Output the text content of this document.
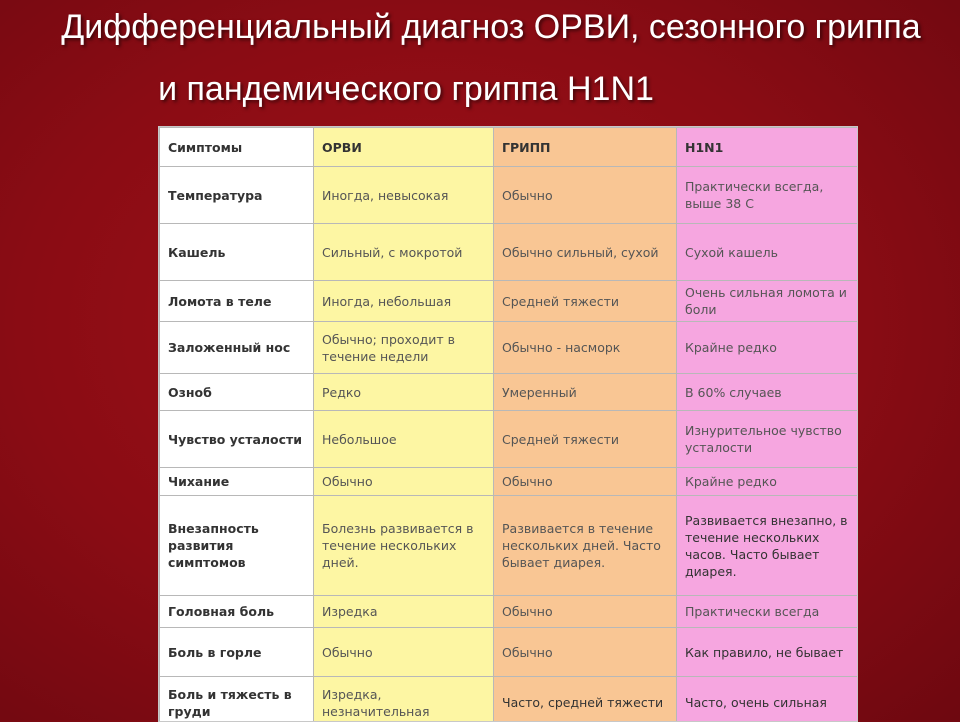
Дифференциальный диагноз ОРВИ, сезонного гриппа
и пандемического гриппа H1N1
Симптомы	ОРВИ	ГРИПП	H1N1
Температура	Иногда, невысокая	Обычно	Практически всегда, выше 38 С
Кашель	Сильный, с мокротой	Обычно сильный, сухой	Сухой кашель
Ломота в теле	Иногда, небольшая	Средней тяжести	Очень сильная ломота и боли
Заложенный нос	Обычно; проходит в течение недели	Обычно - насморк	Крайне редко
Озноб	Редко	Умеренный	В 60% случаев
Чувство усталости	Небольшое	Средней тяжести	Изнурительное чувство усталости
Чихание	Обычно	Обычно	Крайне редко
Внезапность развития симптомов	Болезнь развивается в течение нескольких дней.	Развивается в течение нескольких дней. Часто бывает диарея.	Развивается внезапно, в течение нескольких часов. Часто бывает диарея.
Головная боль	Изредка	Обычно	Практически всегда
Боль в горле	Обычно	Обычно	Как правило, не бывает
Боль и тяжесть в груди	Изредка, незначительная	Часто, средней тяжести	Часто, очень сильная
